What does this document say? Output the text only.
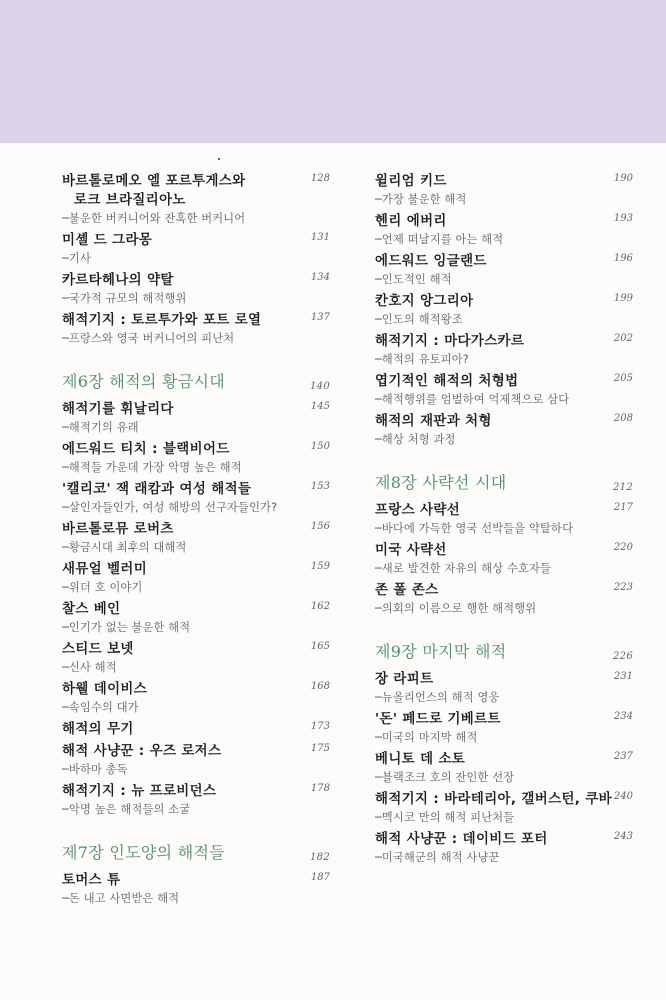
바르톨로메오 엘 포르투게스와
로크 브라질리아노
─불운한 버커니어와 잔혹한 버커니어
128
미셸 드 그라몽
─기사
131
카르타헤나의 약탈
─국가적 규모의 해적행위
134
해적기지 : 토르투가와 포트 로열
─프랑스와 영국 버커니어의 피난처
137
제6장 해적의 황금시대	140
해적기를 휘날리다
─해적기의 유래
145
에드워드 티치 : 블랙비어드
─해적들 가운데 가장 악명 높은 해적
150
'캘리코' 잭 래캄과 여성 해적들
─살인자들인가, 여성 해방의 선구자들인가?
153
바르톨로뮤 로버츠
─황금시대 최후의 대해적
156
새뮤얼 벨러미
─위더 호 이야기
159
찰스 베인
─인기가 없는 불운한 해적
162
스티드 보넷
─신사 해적
165
하웰 데이비스
─속임수의 대가
168
해적의 무기	173
해적 사냥꾼 : 우즈 로저스
─바하마 총독
175
해적기지 : 뉴 프로비던스
─악명 높은 해적들의 소굴
178
제7장 인도양의 해적들	182
토머스 튜
─돈 내고 사면받은 해적
187
윌리엄 키드
─가장 불운한 해적
190
헨리 에버리
─언제 떠날지를 아는 해적
193
에드워드 잉글랜드
─인도적인 해적
196
칸호지 앙그리아
─인도의 해적왕조
199
해적기지 : 마다가스카르
─해적의 유토피아?
202
엽기적인 해적의 처형법
─해적행위를 엄벌하여 억제책으로 삼다
205
해적의 재판과 처형
─해상 처형 과정
208
제8장 사략선 시대	212
프랑스 사략선
─바다에 가득한 영국 선박들을 약탈하다
217
미국 사략선
─새로 발견한 자유의 해상 수호자들
220
존 폴 존스
─의회의 이름으로 행한 해적행위
223
제9장 마지막 해적	226
장 라피트
─뉴올리언스의 해적 영웅
231
'돈' 페드로 기베르트
─미국의 마지막 해적
234
베니토 데 소토
─블랙조크 호의 잔인한 선장
237
해적기지 : 바라테리아, 갤버스턴, 쿠바
─멕시코 만의 해적 피난처들
240
해적 사냥꾼 : 데이비드 포터
─미국해군의 해적 사냥꾼
243
